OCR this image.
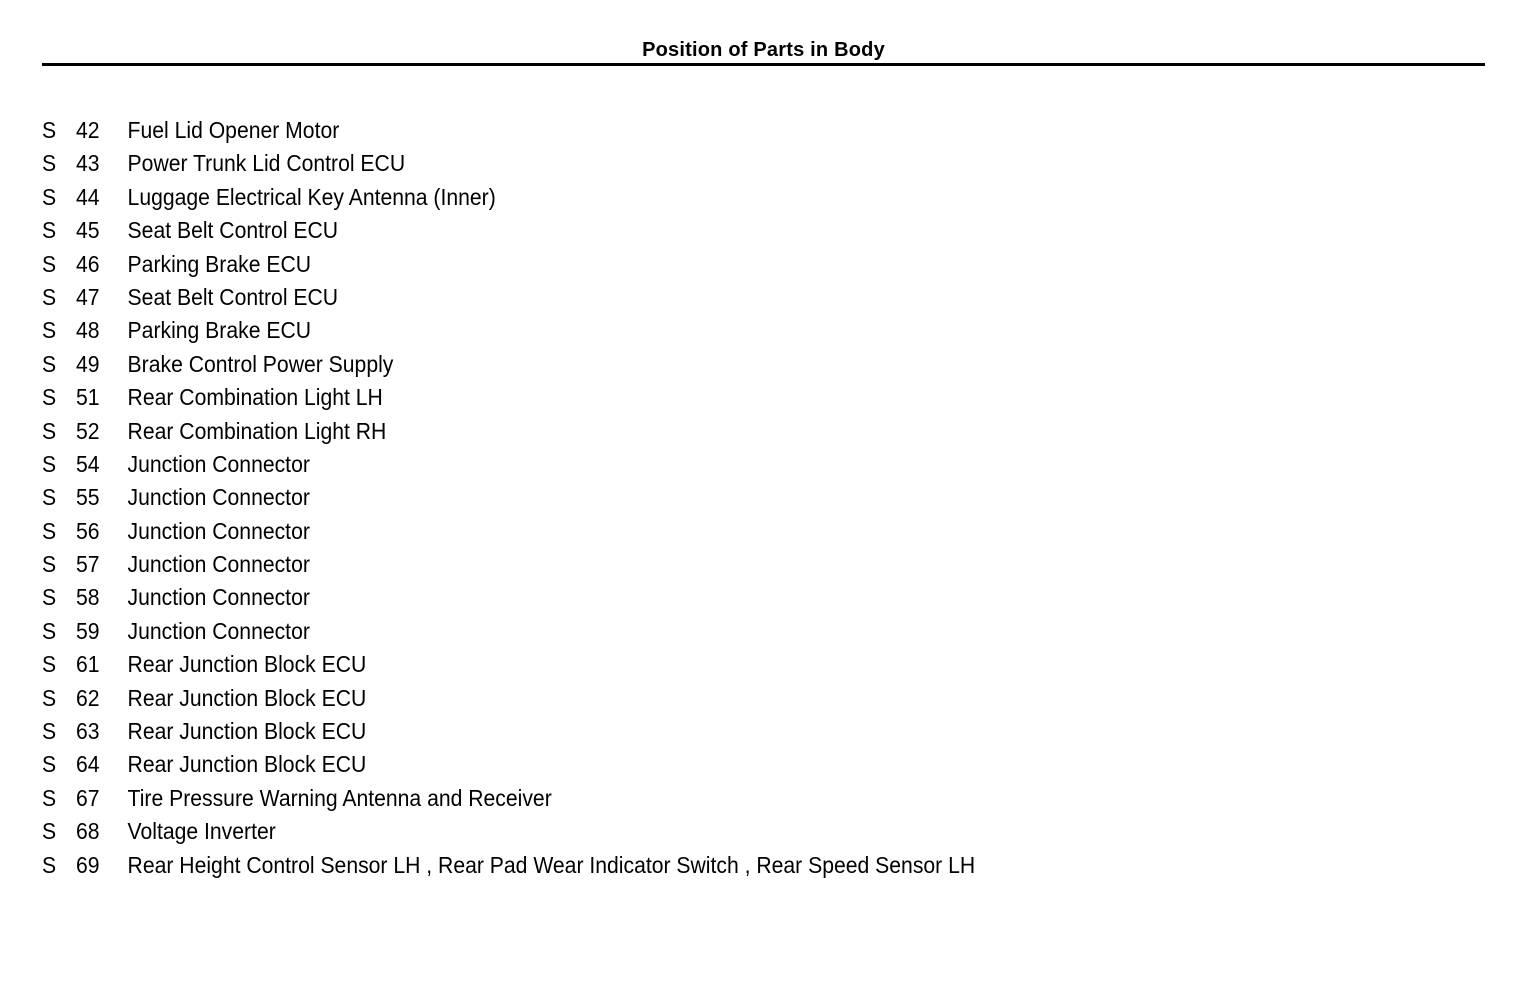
Position of Parts in Body
S 42 Fuel Lid Opener Motor
S 43 Power Trunk Lid Control ECU
S 44 Luggage Electrical Key Antenna (Inner)
S 45 Seat Belt Control ECU
S 46 Parking Brake ECU
S 47 Seat Belt Control ECU
S 48 Parking Brake ECU
S 49 Brake Control Power Supply
S 51 Rear Combination Light LH
S 52 Rear Combination Light RH
S 54 Junction Connector
S 55 Junction Connector
S 56 Junction Connector
S 57 Junction Connector
S 58 Junction Connector
S 59 Junction Connector
S 61 Rear Junction Block ECU
S 62 Rear Junction Block ECU
S 63 Rear Junction Block ECU
S 64 Rear Junction Block ECU
S 67 Tire Pressure Warning Antenna and Receiver
S 68 Voltage Inverter
S 69 Rear Height Control Sensor LH , Rear Pad Wear Indicator Switch , Rear Speed Sensor LH
